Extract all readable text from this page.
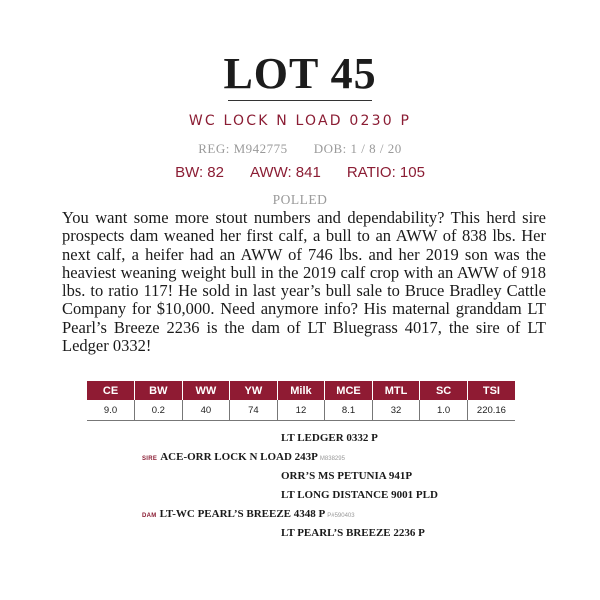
LOT 45
WC LOCK N LOAD 0230 P
REG: M942775 DOB: 1 / 8 / 20
BW: 82 AWW: 841 RATIO: 105
POLLED
You want some more stout numbers and dependability? This herd sire prospects dam weaned her first calf, a bull to an AWW of 838 lbs. Her next calf, a heifer had an AWW of 746 lbs. and her 2019 son was the heaviest weaning weight bull in the 2019 calf crop with an AWW of 918 lbs. to ratio 117! He sold in last year’s bull sale to Bruce Bradley Cattle Company for $10,000. Need anymore info? His maternal granddam LT Pearl’s Breeze 2236 is the dam of LT Bluegrass 4017, the sire of LT Ledger 0332!
CE	BW	WW	YW	Milk	MCE	MTL	SC	TSI
9.0	0.2	40	74	12	8.1	32	1.0	220.16
LT LEDGER 0332 P
SIRE ACE-ORR LOCK N LOAD 243P M838295
ORR’S MS PETUNIA 941P
LT LONG DISTANCE 9001 PLD
DAM LT-WC PEARL’S BREEZE 4348 P P#590403
LT PEARL’S BREEZE 2236 P
